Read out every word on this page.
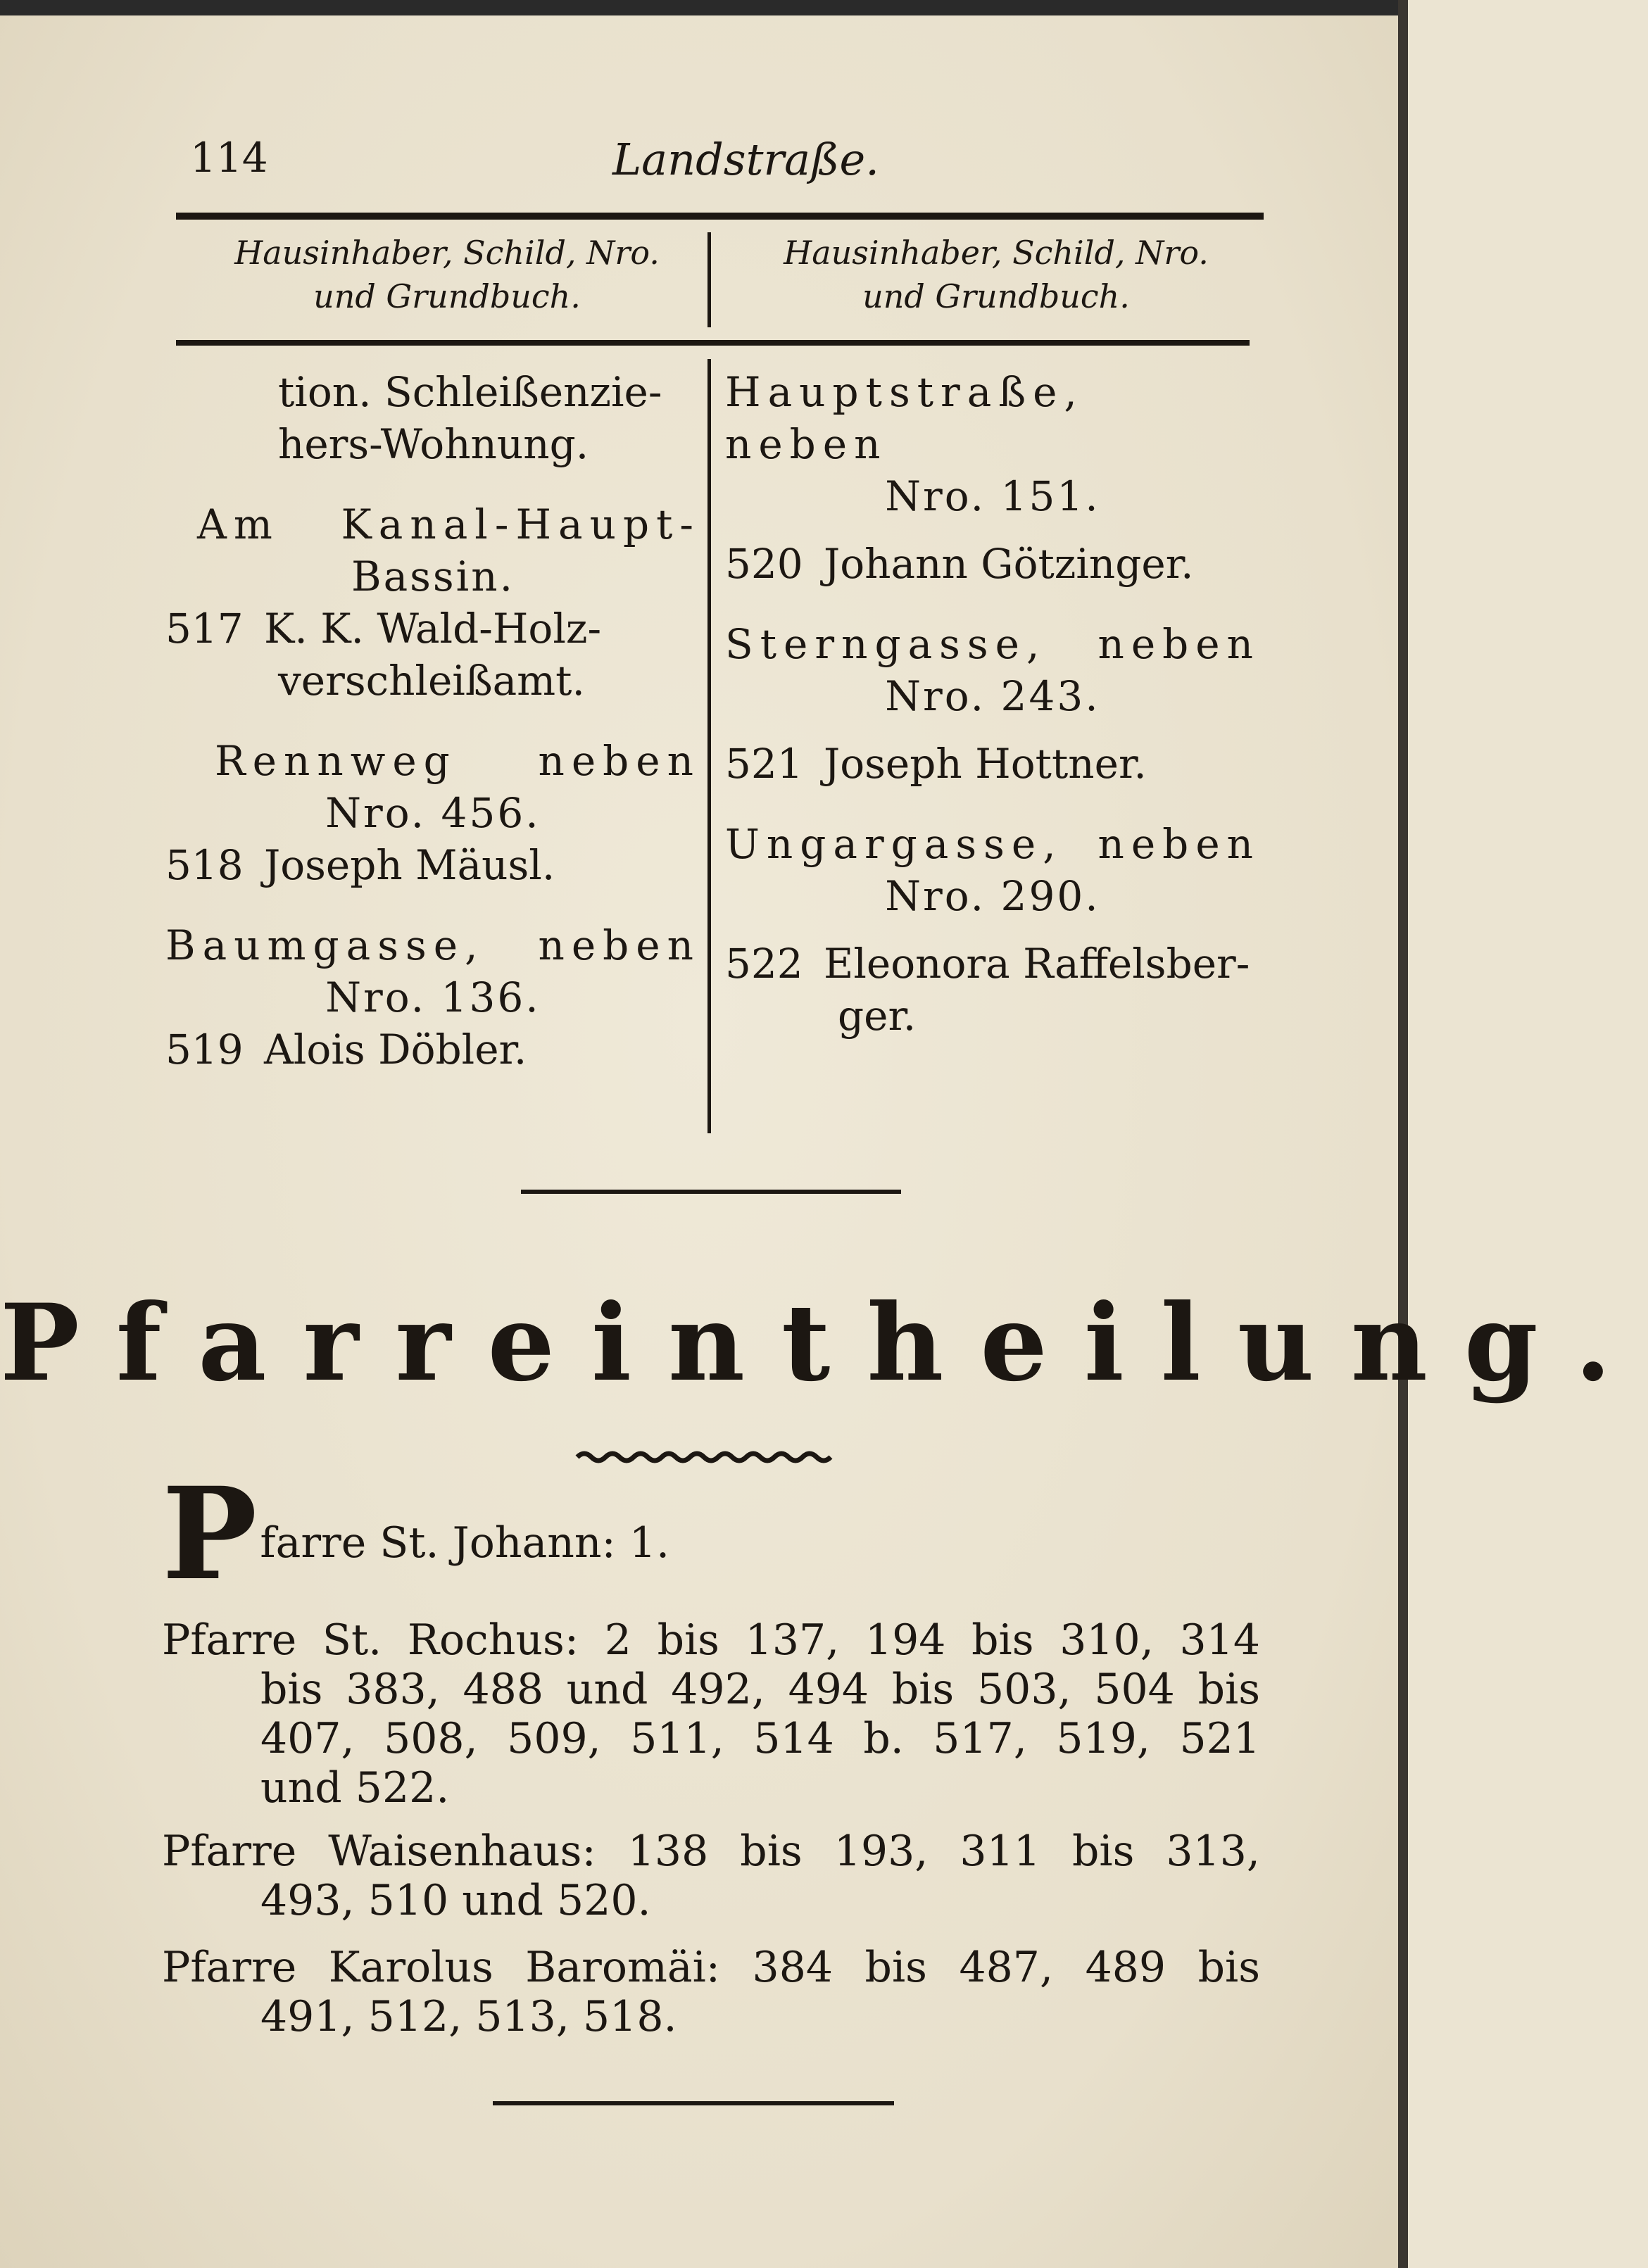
114	Landstraße.
Hausinhaber, Schild, Nro.
und Grundbuch.
Hausinhaber, Schild, Nro.
und Grundbuch.
tion. Schleißenzie-
hers-Wohnung.
Am Kanal-Haupt-
Bassin.
517 K. K. Wald-Holz-
verschleißamt.
Rennweg neben
Nro. 456.
518 Joseph Mäusl.
Baumgasse, neben
Nro. 136.
519 Alois Döbler.
Hauptstraße, neben
Nro. 151.
520 Johann Götzinger.
Sterngasse, neben
Nro. 243.
521 Joseph Hottner.
Ungargasse, neben
Nro. 290.
522 Eleonora Raffelsber-
ger.
Pfarreintheilung.
Pfarre St. Johann: 1.
Pfarre St. Rochus: 2 bis 137, 194 bis 310, 314
bis 383, 488 und 492, 494 bis 503, 504 bis
407, 508, 509, 511, 514 b. 517, 519, 521
und 522.
Pfarre Waisenhaus: 138 bis 193, 311 bis 313,
493, 510 und 520.
Pfarre Karolus Baromäi: 384 bis 487, 489 bis
491, 512, 513, 518.
